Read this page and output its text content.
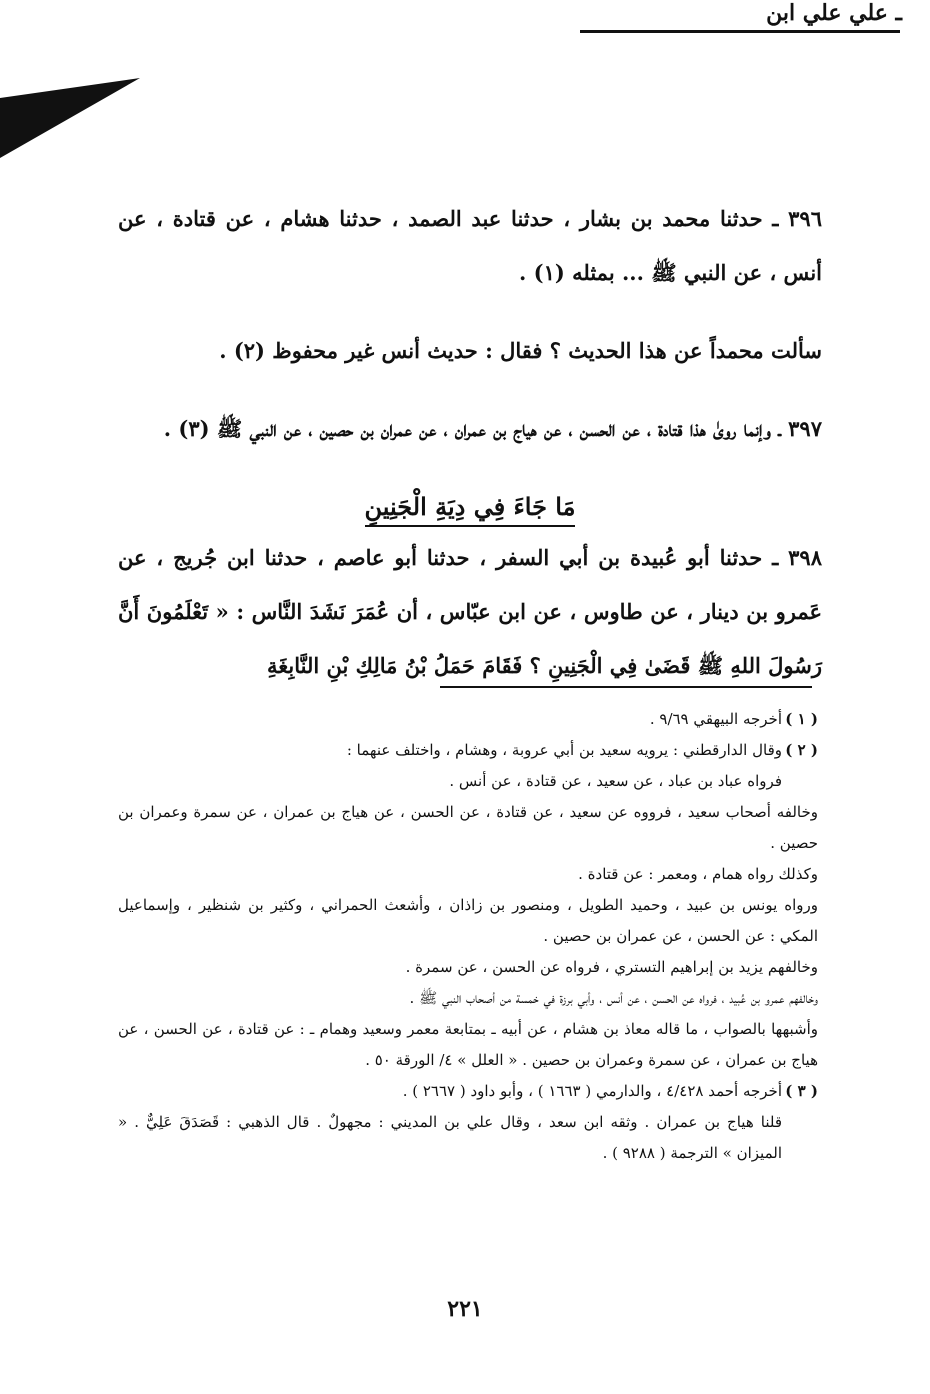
ـ علي علي ابن

٣٩٦ ـ حدثنا محمد بن بشار ، حدثنا عبد الصمد ، حدثنا هشام ، عن قتادة ، عن أنس ، عن النبي ﷺ ... بمثله (١) .

سألت محمداً عن هذا الحديث ؟ فقال : حديث أنس غير محفوظ (٢) .

٣٩٧ ـ وإنما روىٰ هذا قتادة ، عن الحسن ، عن هياج بن عمران ، عن عمران بن حصين ، عن النبي ﷺ (٣) .

مَا جَاءَ فِي دِيَةِ الْجَنِينِ

٣٩٨ ـ حدثنا أبو عُبيدة بن أبي السفر ، حدثنا أبو عاصم ، حدثنا ابن جُريج ، عن عَمرو بن دينار ، عن طاوس ، عن ابن عبّاس ، أن عُمَرَ نَشَدَ النَّاس : « تَعْلَمُونَ أَنَّ رَسُولَ اللهِ ﷺ قَضَىٰ فِي الْجَنِينِ ؟ فَقَامَ حَمَلُ بْنُ مَالِكِ بْنِ النَّابِغَةِ

( ١ )أخرجه البيهقي ٩/٦٩ .

( ٢ )وقال الدارقطني : يرويه سعيد بن أبي عروبة ، وهشام ، واختلف عنهما :

فرواه عباد بن عباد ، عن سعيد ، عن قتادة ، عن أنس .

وخالفه أصحاب سعيد ، فرووه عن سعيد ، عن قتادة ، عن الحسن ، عن هياج بن عمران ، عن سمرة وعمران بن حصين .

وكذلك رواه همام ، ومعمر : عن قتادة .

ورواه يونس بن عبيد ، وحميد الطويل ، ومنصور بن زاذان ، وأشعث الحمراني ، وكثير بن شنظير ، وإسماعيل المكي : عن الحسن ، عن عمران بن حصين .

وخالفهم يزيد بن إبراهيم التستري ، فرواه عن الحسن ، عن سمرة .

وخالفهم عمرو بن عُبيد ، فرواه عن الحسن ، عن أنس ، وأبي برزة في خمسة من أصحاب النبي ﷺ .

وأشبهها بالصواب ، ما قاله معاذ بن هشام ، عن أبيه ـ بمتابعة معمر وسعيد وهمام ـ : عن قتادة ، عن الحسن ، عن هياج بن عمران ، عن سمرة وعمران بن حصين . « العلل » ٤/ الورقة ٥٠ .

( ٣ )أخرجه أحمد ٤/٤٢٨ ، والدارمي ( ١٦٦٣ ) ، وأبو داود ( ٢٦٦٧ ) .

قلنا هياج بن عمران . وثقه ابن سعد ، وقال علي بن المديني : مجهولٌ . قال الذهبي : قَصَدَقَ عَلِيٌّ . « الميزان » الترجمة ( ٩٢٨٨ ) .

٢٢١
